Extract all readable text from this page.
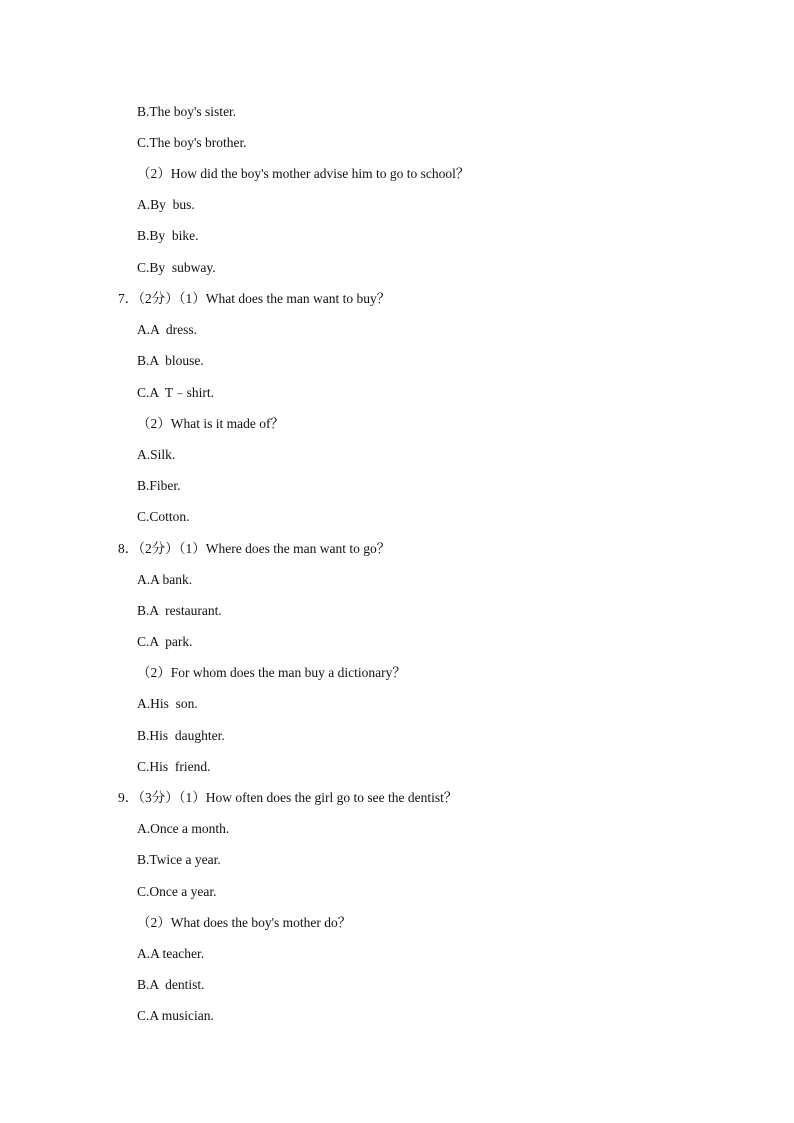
B.The boy's sister.
C.The boy's brother.
（2）How did the boy's mother advise him to go to school？
A.By  bus.
B.By  bike.
C.By  subway.
7．（2分）（1）What does the man want to buy？
A.A  dress.
B.A  blouse.
C.A  T﹣shirt.
（2）What is it made of？
A.Silk.
B.Fiber.
C.Cotton.
8．（2分）（1）Where does the man want to go？
A.A bank.
B.A  restaurant.
C.A  park.
（2）For whom does the man buy a dictionary？
A.His  son.
B.His  daughter.
C.His  friend.
9．（3分）（1）How often does the girl go to see the dentist？
A.Once a month.
B.Twice a year.
C.Once a year.
（2）What does the boy's mother do？
A.A teacher.
B.A  dentist.
C.A musician.
